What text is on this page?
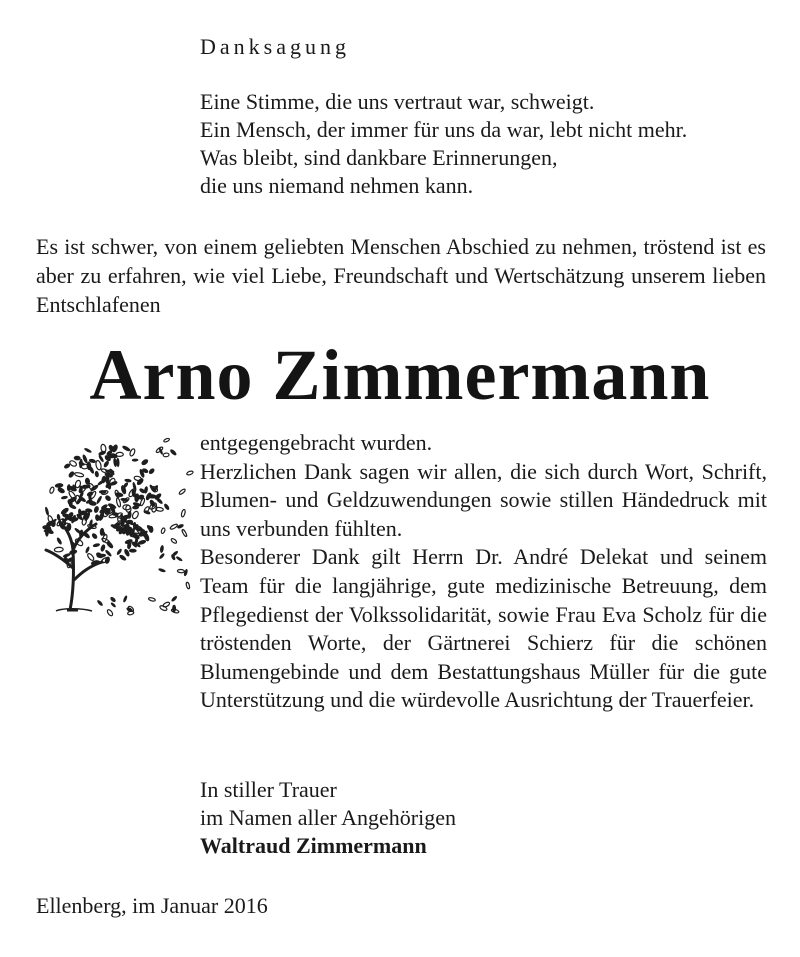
Danksagung
Eine Stimme, die uns vertraut war, schweigt.
Ein Mensch, der immer für uns da war, lebt nicht mehr.
Was bleibt, sind dankbare Erinnerungen,
die uns niemand nehmen kann.
Es ist schwer, von einem geliebten Menschen Abschied zu nehmen, tröstend ist es aber zu erfahren, wie viel Liebe, Freundschaft und Wertschätzung unserem lieben Entschlafenen
Arno Zimmermann

entgegengebracht wurden.

Herzlichen Dank sagen wir allen, die sich durch Wort, Schrift, Blumen- und Geldzuwendungen sowie stillen Händedruck mit uns verbunden fühlten.

Besonderer Dank gilt Herrn Dr. André Delekat und seinem Team für die langjährige, gute medizinische Betreuung, dem Pflegedienst der Volkssolidarität, sowie Frau Eva Scholz für die tröstenden Worte, der Gärtnerei Schierz für die schönen Blumengebinde und dem Bestattungshaus Müller für die gute Unterstützung und die würdevolle Ausrichtung der Trauerfeier.

In stiller Trauer
im Namen aller Angehörigen
Waltraud Zimmermann
Ellenberg, im Januar 2016
